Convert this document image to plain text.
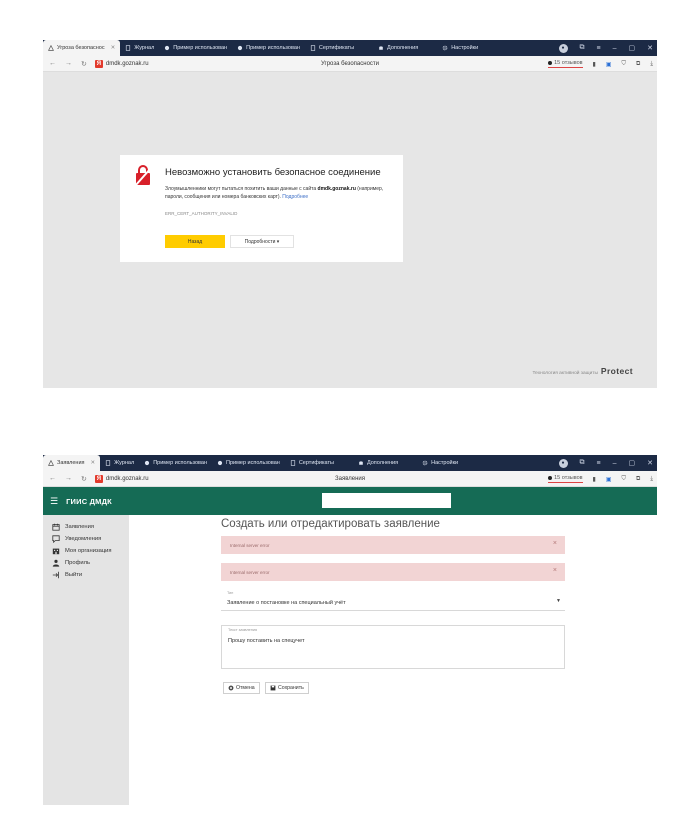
Угроза безопаснос ✕	Журнал	Пример использован	Пример использован	Сертификаты	Дополнения	Настройки	●	⧉ ≡ – ▢ ✕
← → ↻	Я dmdk.goznak.ru	Угроза безопасности	15 отзывов ▮ ▣ ⛉ ⧉ ⤓
Невозможно установить безопасное соединение
Злоумышленники могут пытаться похитить ваши данные с сайта dmdk.goznak.ru (например, пароли, сообщения или номера банковских карт). Подробнее
ERR_CERT_AUTHORITY_INVALID
Назад	Подробности ▾
Технология активной защиты Protect
Заявления ✕	Журнал	Пример использован	Пример использован	Сертификаты	Дополнения	Настройки	●	⧉ ≡ – ▢ ✕
← → ↻	Я dmdk.goznak.ru	Заявления	15 отзывов ▮ ▣ ⛉ ⧉ ⤓
☰ ГИИС ДМДК
Заявления
Уведомления
Моя организация
Профиль
Выйти
Создать или отредактировать заявление
Internal server error	×
Internal server error	×
Тип
Заявление о постановке на специальный учёт	▼
Текст заявления
Прошу поставить на спецучет
Отмена	Сохранить
